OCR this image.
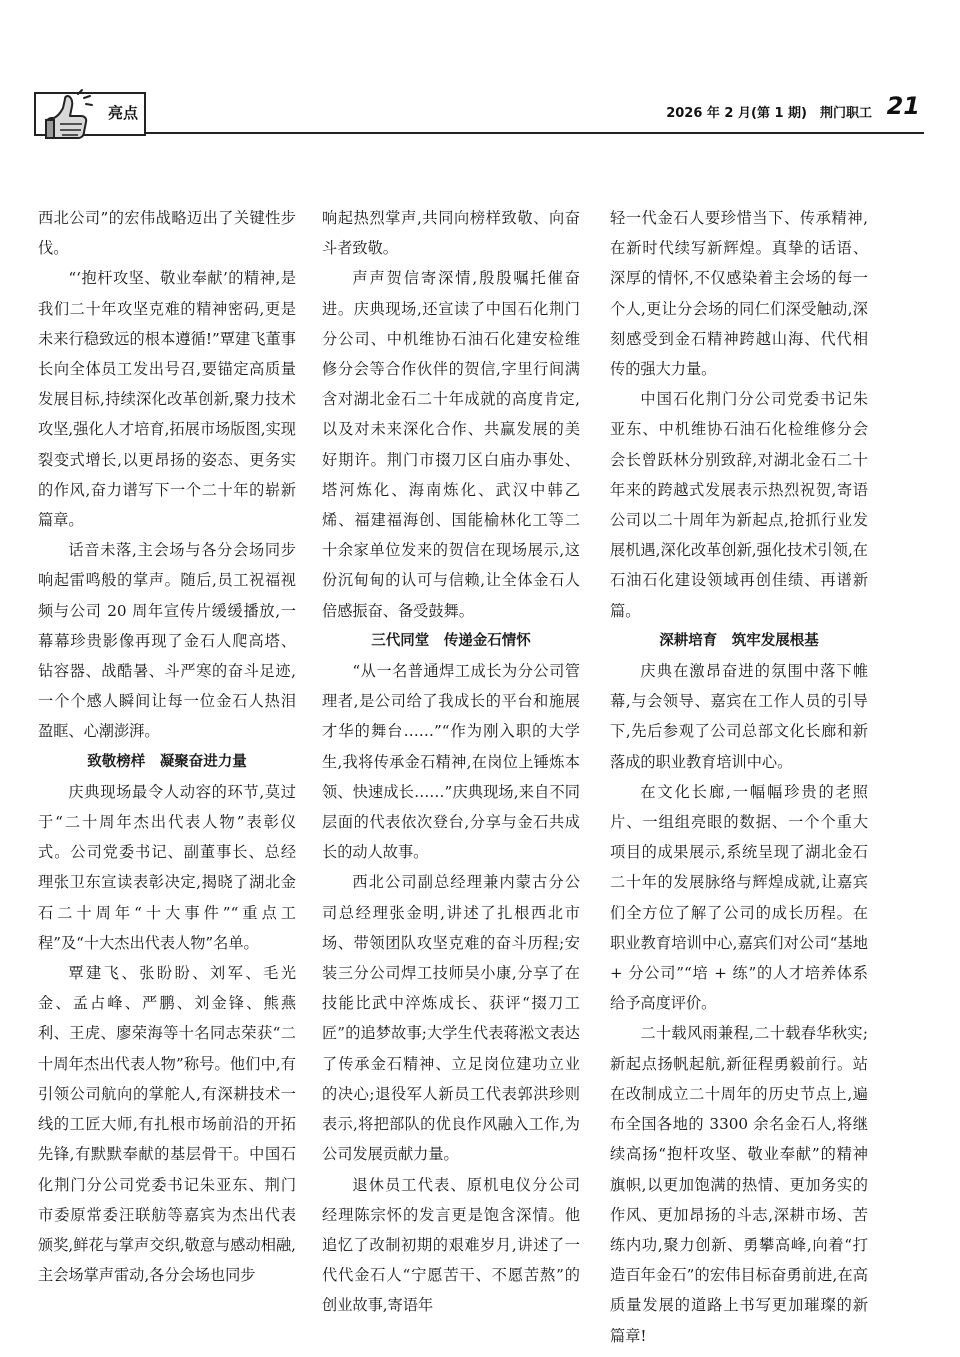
亮点	2026 年 2 月(第 1 期)　荆门职工 21

西北公司”的宏伟战略迈出了关键性步伐。

“‘抱杆攻坚、敬业奉献’的精神,是我们二十年攻坚克难的精神密码,更是未来行稳致远的根本遵循!”覃建飞董事长向全体员工发出号召,要锚定高质量发展目标,持续深化改革创新,聚力技术攻坚,强化人才培育,拓展市场版图,实现裂变式增长,以更昂扬的姿态、更务实的作风,奋力谱写下一个二十年的崭新篇章。

话音未落,主会场与各分会场同步响起雷鸣般的掌声。随后,员工祝福视频与公司 20 周年宣传片缓缓播放,一幕幕珍贵影像再现了金石人爬高塔、钻容器、战酷暑、斗严寒的奋斗足迹,一个个感人瞬间让每一位金石人热泪盈眶、心潮澎湃。

致敬榜样　凝聚奋进力量

庆典现场最令人动容的环节,莫过于“二十周年杰出代表人物”表彰仪式。公司党委书记、副董事长、总经理张卫东宣读表彰决定,揭晓了湖北金石二十周年“十大事件”“重点工程”及“十大杰出代表人物”名单。

覃建飞、张盼盼、刘军、毛光金、孟占峰、严鹏、刘金锋、熊燕利、王虎、廖荣海等十名同志荣获“二十周年杰出代表人物”称号。他们中,有引领公司航向的掌舵人,有深耕技术一线的工匠大师,有扎根市场前沿的开拓先锋,有默默奉献的基层骨干。中国石化荆门分公司党委书记朱亚东、荆门市委原常委汪联舫等嘉宾为杰出代表颁奖,鲜花与掌声交织,敬意与感动相融,主会场掌声雷动,各分会场也同步

响起热烈掌声,共同向榜样致敬、向奋斗者致敬。

声声贺信寄深情,殷殷嘱托催奋进。庆典现场,还宣读了中国石化荆门分公司、中机维协石油石化建安检维修分会等合作伙伴的贺信,字里行间满含对湖北金石二十年成就的高度肯定,以及对未来深化合作、共赢发展的美好期许。荆门市掇刀区白庙办事处、塔河炼化、海南炼化、武汉中韩乙烯、福建福海创、国能榆林化工等二十余家单位发来的贺信在现场展示,这份沉甸甸的认可与信赖,让全体金石人倍感振奋、备受鼓舞。

三代同堂　传递金石情怀

“从一名普通焊工成长为分公司管理者,是公司给了我成长的平台和施展才华的舞台……”“作为刚入职的大学生,我将传承金石精神,在岗位上锤炼本领、快速成长……”庆典现场,来自不同层面的代表依次登台,分享与金石共成长的动人故事。

西北公司副总经理兼内蒙古分公司总经理张金明,讲述了扎根西北市场、带领团队攻坚克难的奋斗历程;安装三分公司焊工技师吴小康,分享了在技能比武中淬炼成长、获评“掇刀工匠”的追梦故事;大学生代表蒋淞文表达了传承金石精神、立足岗位建功立业的决心;退役军人新员工代表郭洪珍则表示,将把部队的优良作风融入工作,为公司发展贡献力量。

退休员工代表、原机电仪分公司经理陈宗怀的发言更是饱含深情。他追忆了改制初期的艰难岁月,讲述了一代代金石人“宁愿苦干、不愿苦熬”的创业故事,寄语年

轻一代金石人要珍惜当下、传承精神,在新时代续写新辉煌。真挚的话语、深厚的情怀,不仅感染着主会场的每一个人,更让分会场的同仁们深受触动,深刻感受到金石精神跨越山海、代代相传的强大力量。

中国石化荆门分公司党委书记朱亚东、中机维协石油石化检维修分会会长曾跃林分别致辞,对湖北金石二十年来的跨越式发展表示热烈祝贺,寄语公司以二十周年为新起点,抢抓行业发展机遇,深化改革创新,强化技术引领,在石油石化建设领域再创佳绩、再谱新篇。

深耕培育　筑牢发展根基

庆典在激昂奋进的氛围中落下帷幕,与会领导、嘉宾在工作人员的引导下,先后参观了公司总部文化长廊和新落成的职业教育培训中心。

在文化长廊,一幅幅珍贵的老照片、一组组亮眼的数据、一个个重大项目的成果展示,系统呈现了湖北金石二十年的发展脉络与辉煌成就,让嘉宾们全方位了解了公司的成长历程。在职业教育培训中心,嘉宾们对公司“基地 + 分公司”“培 + 练”的人才培养体系给予高度评价。

二十载风雨兼程,二十载春华秋实;新起点扬帆起航,新征程勇毅前行。站在改制成立二十周年的历史节点上,遍布全国各地的 3300 余名金石人,将继续高扬“抱杆攻坚、敬业奉献”的精神旗帜,以更加饱满的热情、更加务实的作风、更加昂扬的斗志,深耕市场、苦练内功,聚力创新、勇攀高峰,向着“打造百年金石”的宏伟目标奋勇前进,在高质量发展的道路上书写更加璀璨的新篇章!
